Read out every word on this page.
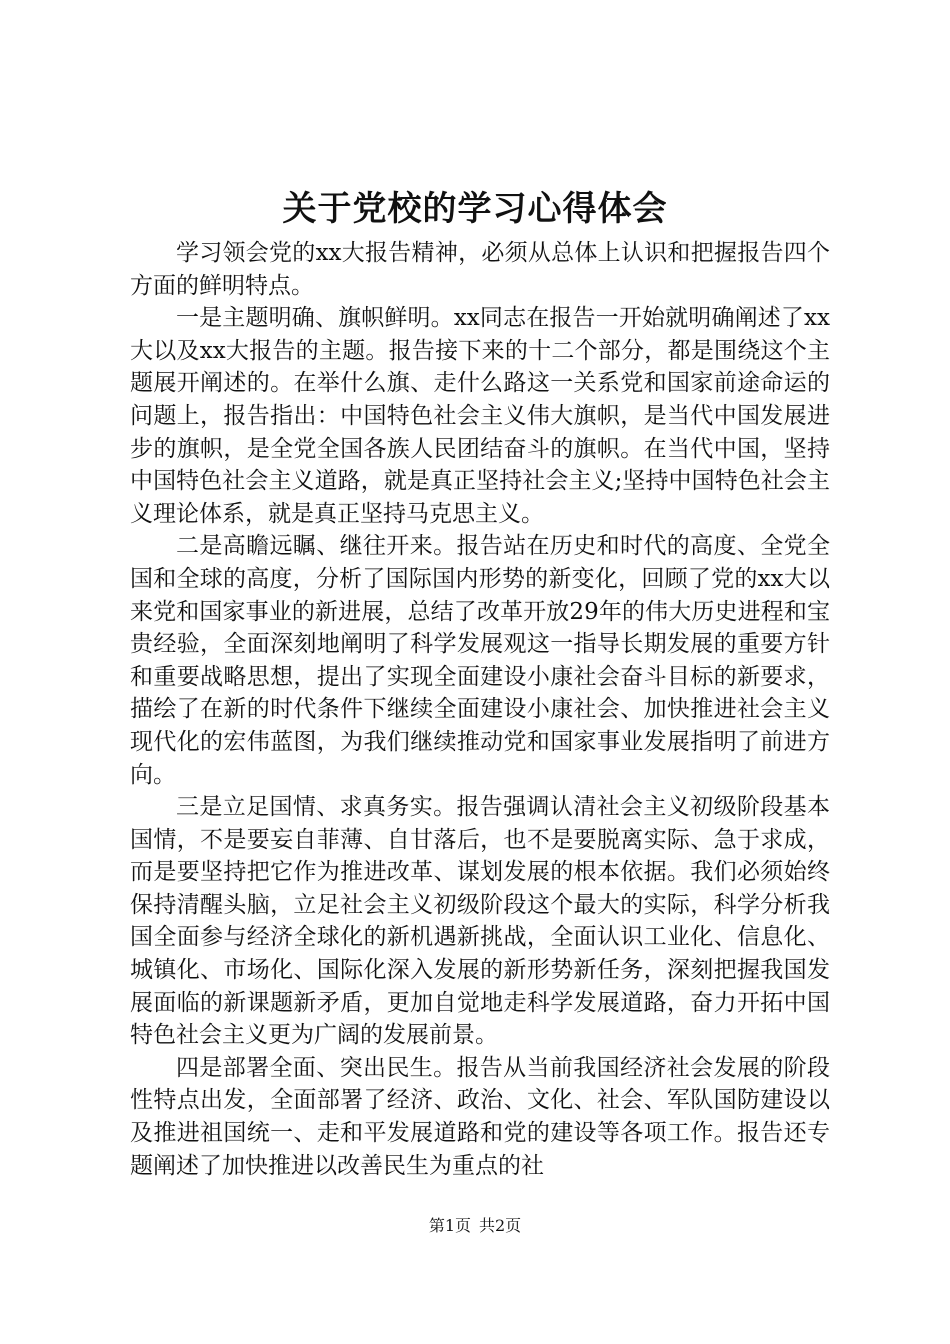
关于党校的学习心得体会

学习领会党的xx大报告精神，必须从总体上认识和把握报告四个方面的鲜明特点。

一是主题明确、旗帜鲜明。xx同志在报告一开始就明确阐述了xx大以及xx大报告的主题。报告接下来的十二个部分，都是围绕这个主题展开阐述的。在举什么旗、走什么路这一关系党和国家前途命运的问题上，报告指出：中国特色社会主义伟大旗帜，是当代中国发展进步的旗帜，是全党全国各族人民团结奋斗的旗帜。在当代中国，坚持中国特色社会主义道路，就是真正坚持社会主义;坚持中国特色社会主义理论体系，就是真正坚持马克思主义。

二是高瞻远瞩、继往开来。报告站在历史和时代的高度、全党全国和全球的高度，分析了国际国内形势的新变化，回顾了党的xx大以来党和国家事业的新进展，总结了改革开放29年的伟大历史进程和宝贵经验，全面深刻地阐明了科学发展观这一指导长期发展的重要方针和重要战略思想，提出了实现全面建设小康社会奋斗目标的新要求，描绘了在新的时代条件下继续全面建设小康社会、加快推进社会主义现代化的宏伟蓝图，为我们继续推动党和国家事业发展指明了前进方向。

三是立足国情、求真务实。报告强调认清社会主义初级阶段基本国情，不是要妄自菲薄、自甘落后，也不是要脱离实际、急于求成，而是要坚持把它作为推进改革、谋划发展的根本依据。我们必须始终保持清醒头脑，立足社会主义初级阶段这个最大的实际，科学分析我国全面参与经济全球化的新机遇新挑战，全面认识工业化、信息化、城镇化、市场化、国际化深入发展的新形势新任务，深刻把握我国发展面临的新课题新矛盾，更加自觉地走科学发展道路，奋力开拓中国特色社会主义更为广阔的发展前景。

四是部署全面、突出民生。报告从当前我国经济社会发展的阶段性特点出发，全面部署了经济、政治、文化、社会、军队国防建设以及推进祖国统一、走和平发展道路和党的建设等各项工作。报告还专题阐述了加快推进以改善民生为重点的社

第1页 共2页
